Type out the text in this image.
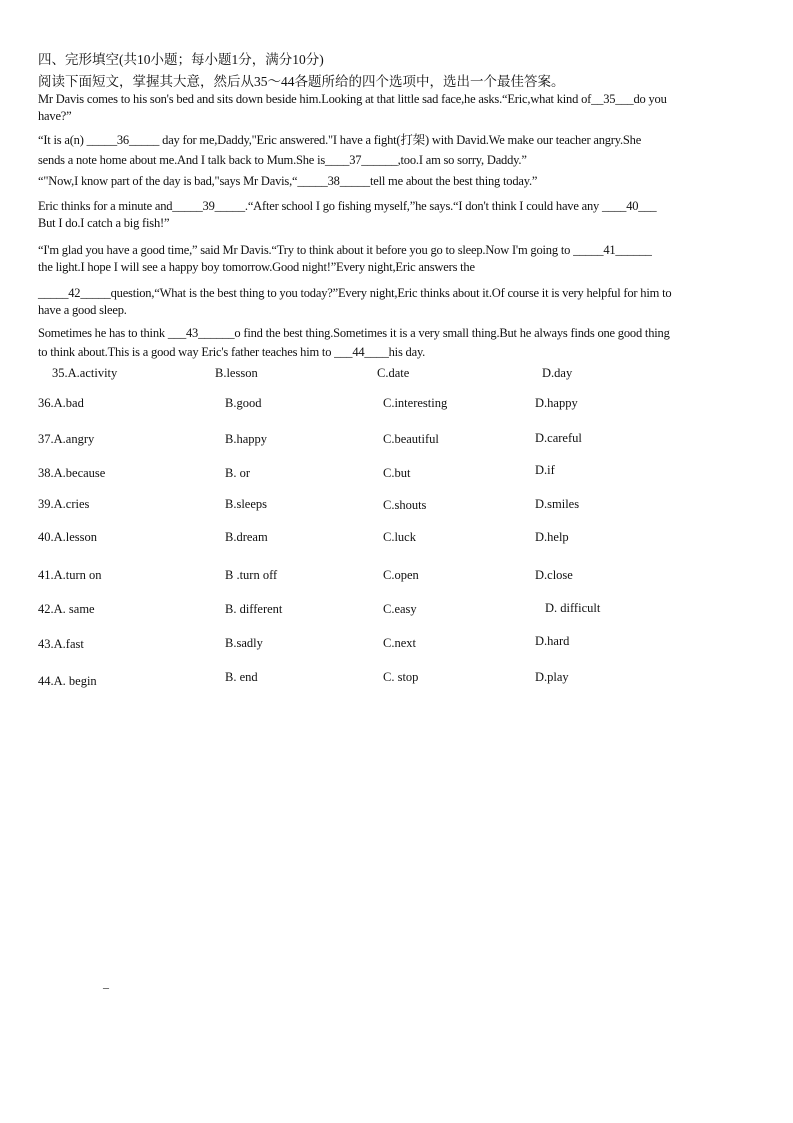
四、完形填空(共10小题；每小题1分，满分10分)
阅读下面短文，掌握其大意，然后从35～44各题所给的四个选项中，选出一个最佳答案。
Mr Davis comes to his son's bed and sits down beside him.Looking at that little sad face,he asks.“Eric,what kind of__35___do you
have?”
“It is a(n) _____36_____ day for me,Daddy,"Eric answered."I have a fight(打架) with David.We make our teacher angry.She
sends a note home about me.And I talk back to Mum.She is____37______,too.I am so sorry, Daddy.”
“"Now,I know part of the day is bad,"says Mr Davis,“_____38_____tell me about the best thing today.”
Eric thinks for a minute and_____39_____.“After school I go fishing myself,”he says.“I don't think I could have any ____40___
But I do.I catch a big fish!”
“I'm glad you have a good time,” said Mr Davis.“Try to think about it before you go to sleep.Now I'm going to _____41______
the light.I hope I will see a happy boy tomorrow.Good night!”Every night,Eric answers the
_____42_____question,“What is the best thing to you today?”Every night,Eric thinks about it.Of course it is very helpful for him to
have a good sleep.
Sometimes he has to think ___43______o find the best thing.Sometimes it is a very small thing.But he always finds one good thing
to think about.This is a good way Eric's father teaches him to ___44____his day.
35.A.activity	B.lesson	C.date	D.day
36.A.bad	B.good	C.interesting	D.happy
37.A.angry	B.happy	C.beautiful	D.careful
38.A.because	B. or	C.but	D.if
39.A.cries	B.sleeps	C.shouts	D.smiles
40.A.lesson	B.dream	C.luck	D.help
41.A.turn on	B .turn off	C.open	D.close
42.A. same	B. different	C.easy	D. difficult
43.A.fast	B.sadly	C.next	D.hard
44.A. begin	B. end	C. stop	D.play
–
